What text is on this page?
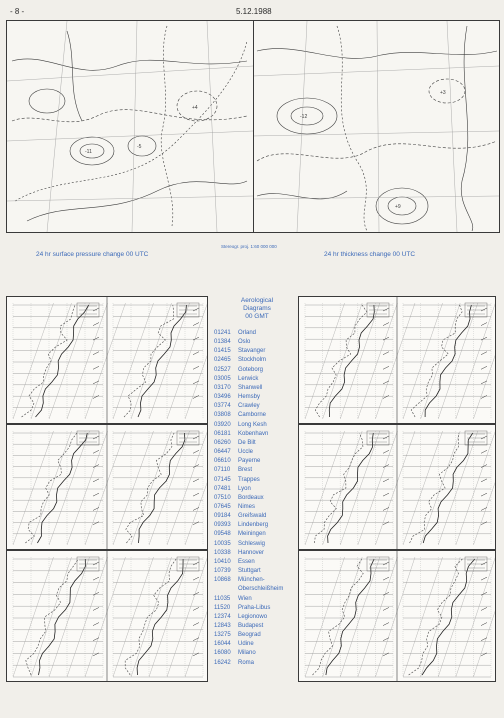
- 8 -	5.12.1988
-11
-12
+9
-5
+4
+3
Stereogr. proj. 1:60 000 000
24 hr surface pressure change 00 UTC	24 hr thickness change 00 UTC
Aerological
Diagrams
00 GMT
01241	Orland
01384	Oslo
01415	Stavanger
02465	Stockholm
02527	Goteborg
03005	Lerwick
03170	Shanwell
03496	Hemsby
03774	Crawley
03808	Camborne
03920	Long Kesh
06181	Kobenhavn
06260	De Bilt
06447	Uccle
06610	Payerne
07110	Brest
07145	Trappes
07481	Lyon
07510	Bordeaux
07645	Nimes
09184	Greifswald
09393	Lindenberg
09548	Meiningen
10035	Schleswig
10338	Hannover
10410	Essen
10739	Stuttgart
10868	München-
Oberschleißheim
11035	Wien
11520	Praha-Libus
12374	Legionowo
12843	Budapest
13275	Beograd
16044	Udine
16080	Milano
16242	Roma
